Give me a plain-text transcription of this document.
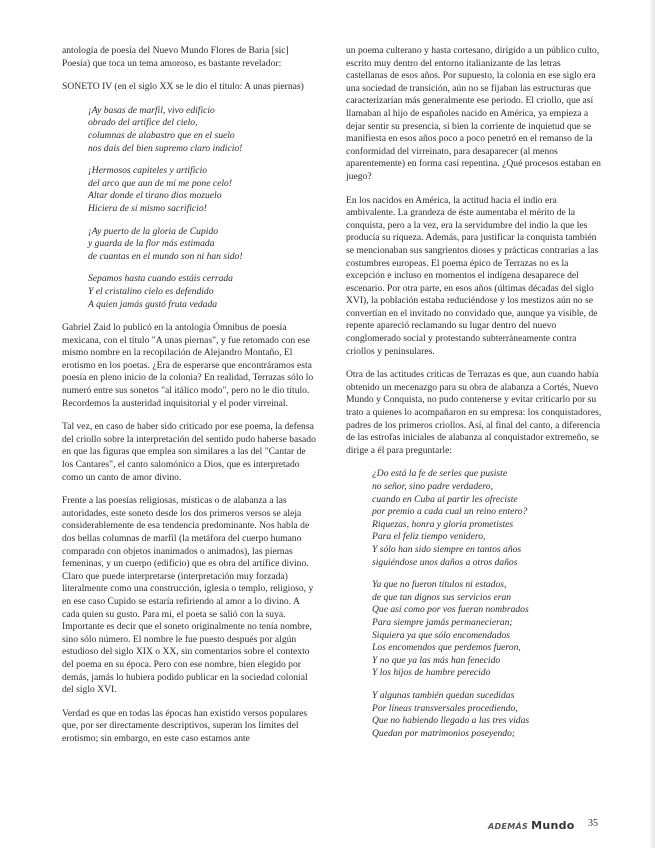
antología de poesía del Nuevo Mundo Flores de Baria [sic] Poesía) que toca un tema amoroso, es bastante revelador:

SONETO IV (en el siglo XX se le dio el título: A unas piernas)

¡Ay basas de marfil, vivo edificio
obrado del artífice del cielo,
columnas de alabastro que en el suelo
nos dais del bien supremo claro indicio!
¡Hermosos capiteles y artificio
del arco que aun de mí me pone celo!
Altar donde el tirano dios mozuelo
Hiciera de sí mismo sacrificio!
¡Ay puerto de la gloria de Cupido
y guarda de la flor más estimada
de cuantas en el mundo son ni han sido!
Sepamos hasta cuando estáis cerrada
Y el cristalino cielo es defendido
A quien jamás gustó fruta vedada

Gabriel Zaid lo publicó en la antología Ómnibus de poesía mexicana, con el título "A unas piernas", y fue retomado con ese mismo nombre en la recopilación de Alejandro Montaño, El erotismo en los poetas. ¿Era de esperarse que encontráramos esta poesía en pleno inicio de la colonia? En realidad, Terrazas sólo lo numeró entre sus sonetos "al itálico modo", pero no le dio título. Recordemos la austeridad inquisitorial y el poder virreinal.

Tal vez, en caso de haber sido criticado por ese poema, la defensa del criollo sobre la interpretación del sentido pudo haberse basado en que las figuras que emplea son similares a las del "Cantar de los Cantares", el canto salomónico a Dios, que es interpretado como un canto de amor divino.

Frente a las poesías religiosas, místicas o de alabanza a las autoridades, este soneto desde los dos primeros versos se aleja considerablemente de esa tendencia predominante. Nos habla de dos bellas columnas de marfil (la metáfora del cuerpo humano comparado con objetos inanimados o animados), las piernas femeninas, y un cuerpo (edificio) que es obra del artífice divino. Claro que puede interpretarse (interpretación muy forzada) literalmente como una construcción, iglesia o templo, religioso, y en ese caso Cupido se estaría refiriendo al amor a lo divino. A cada quien su gusto. Para mí, el poeta se salió con la suya. Importante es decir que el soneto originalmente no tenía nombre, sino sólo número. El nombre le fue puesto después por algún estudioso del siglo XIX o XX, sin comentarios sobre el contexto del poema en su época. Pero con ese nombre, bien elegido por demás, jamás lo hubiera podido publicar en la sociedad colonial del siglo XVI.

Verdad es que en todas las épocas han existido versos populares que, por ser directamente descriptivos, superan los límites del erotismo; sin embargo, en este caso estamos ante

un poema culterano y hasta cortesano, dirigido a un público culto, escrito muy dentro del entorno italianizante de las letras castellanas de esos años. Por supuesto, la colonia en ese siglo era una sociedad de transición, aún no se fijaban las estructuras que caracterizarían más generalmente ese periodo. El criollo, que así llamaban al hijo de españoles nacido en América, ya empieza a dejar sentir su presencia, si bien la corriente de inquietud que se manifiesta en esos años poco a poco penetró en el remanso de la conformidad del virreinato, para desaparecer (al menos aparentemente) en forma casi repentina. ¿Qué procesos estaban en juego?

En los nacidos en América, la actitud hacia el indio era ambivalente. La grandeza de éste aumentaba el mérito de la conquista, pero a la vez, era la servidumbre del indio la que les producía su riqueza. Además, para justificar la conquista también se mencionaban sus sangrientos dioses y prácticas contrarias a las costumbres europeas. El poema épico de Terrazas no es la excepción e incluso en momentos el indígena desaparece del escenario. Por otra parte, en esos años (últimas décadas del siglo XVI), la población estaba reduciéndose y los mestizos aún no se convertían en el invitado no convidado que, aunque ya visible, de repente apareció reclamando su lugar dentro del nuevo conglomerado social y protestando subterráneamente contra criollos y peninsulares.

Otra de las actitudes críticas de Terrazas es que, aun cuando había obtenido un mecenazgo para su obra de alabanza a Cortés, Nuevo Mundo y Conquista, no pudo contenerse y evitar criticarlo por su trato a quienes lo acompañaron en su empresa: los conquistadores, padres de los primeros criollos. Así, al final del canto, a diferencia de las estrofas iniciales de alabanza al conquistador extremeño, se dirige a él para preguntarle:

¿Do está la fe de serles que pusiste
no señor, sino padre verdadero,
cuando en Cuba al partir les ofreciste
por premio a cada cual un reino entero?
Riquezas, honra y gloria prometistes
Para el feliz tiempo venidero,
Y sólo han sido siempre en tantos años
siguiéndose unos daños a otros daños
Ya que no fueron títulos ni estados,
de que tan dignos sus servicios eran
Que así como por vos fueran nombrados
Para siempre jamás permanecieran;
Siquiera ya que sólo encomendados
Los encomendos que perdemos fueron,
Y no que ya las más han fenecido
Y los hijos de hambre perecido
Y algunas también quedan sucedidas
Por líneas transversales procediendo,
Que no habiendo llegado a las tres vidas
Quedan por matrimonios poseyendo;
ADEMÁS Mundo 35
